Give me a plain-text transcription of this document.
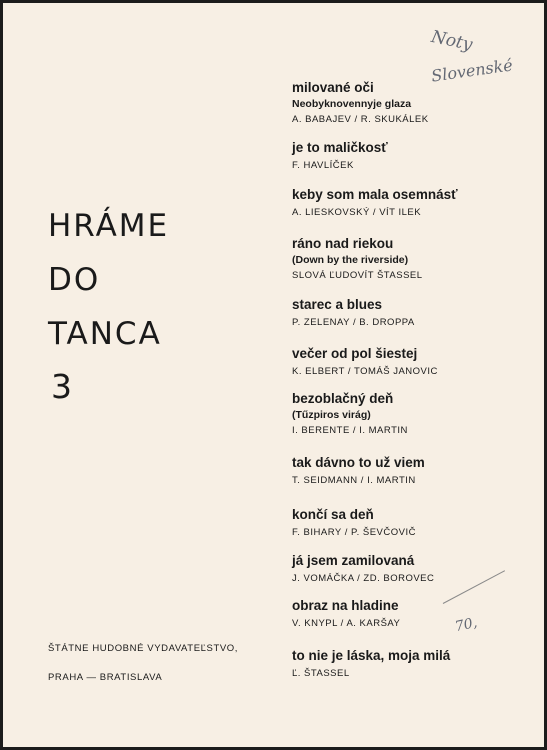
HRÁME
DO
TANCA
3
ŠTÁTNE HUDOBNÉ VYDAVATEĽSTVO,
PRAHA — BRATISLAVA
milované oči
Neobyknovennyje glaza
A. BABAJEV / R. SKUKÁLEK
je to maličkosť
F. HAVLÍČEK
keby som mala osemnásť
A. LIESKOVSKÝ / VÍT ILEK
ráno nad riekou
(Down by the riverside)
SLOVÁ ĽUDOVÍT ŠTASSEL
starec a blues
P. ZELENAY / B. DROPPA
večer od pol šiestej
K. ELBERT / TOMÁŠ JANOVIC
bezoblačný deň
(Tűzpiros virág)
I. BERENTE / I. MARTIN
tak dávno to už viem
T. SEIDMANN / I. MARTIN
končí sa deň
F. BIHARY / P. ŠEVČOVIČ
já jsem zamilovaná
J. VOMÁČKA / ZD. BOROVEC
obraz na hladine
V. KNYPL / A. KARŠAY
to nie je láska, moja milá
Ľ. ŠTASSEL
Noty
Slovenské
70,
